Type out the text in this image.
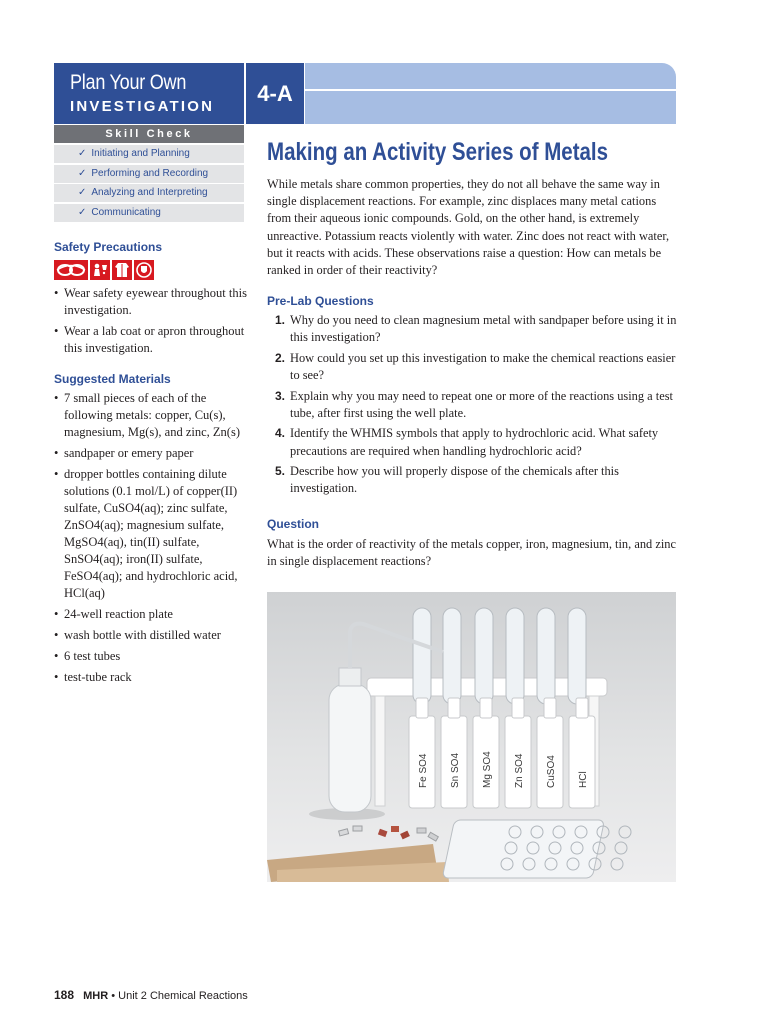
Plan Your Own
INVESTIGATION
4-A
Skill Check
✓ Initiating and Planning
✓ Performing and Recording
✓ Analyzing and Interpreting
✓ Communicating
Safety Precautions
• Wear safety eyewear throughout this investigation.
• Wear a lab coat or apron throughout this investigation.
Suggested Materials
• 7 small pieces of each of the following metals: copper, Cu(s), magnesium, Mg(s), and zinc, Zn(s)
• sandpaper or emery paper
• dropper bottles containing dilute solutions (0.1 mol/L) of copper(II) sulfate, CuSO4(aq); zinc sulfate, ZnSO4(aq); magnesium sulfate, MgSO4(aq), tin(II) sulfate, SnSO4(aq); iron(II) sulfate, FeSO4(aq); and hydrochloric acid, HCl(aq)
• 24-well reaction plate
• wash bottle with distilled water
• 6 test tubes
• test-tube rack
Making an Activity Series of Metals

While metals share common properties, they do not all behave the same way in single displacement reactions. For example, zinc displaces many metal cations from their aqueous ionic compounds. Gold, on the other hand, is extremely unreactive. Potassium reacts violently with water. Zinc does not react with water, but it reacts with acids. These observations raise a question: How can metals be ranked in order of their reactivity?

Pre-Lab Questions
1. Why do you need to clean magnesium metal with sandpaper before using it in this investigation?
2. How could you set up this investigation to make the chemical reactions easier to see?
3. Explain why you may need to repeat one or more of the reactions using a test tube, after first using the well plate.
4. Identify the WHMIS symbols that apply to hydrochloric acid. What safety precautions are required when handling hydrochloric acid?
5. Describe how you will properly dispose of the chemicals after this investigation.
Question

What is the order of reactivity of the metals copper, iron, magnesium, tin, and zinc in single displacement reactions?

Fe SO4 Sn SO4 Mg SO4 Zn SO4 CuSO4 HCl
188 MHR • Unit 2 Chemical Reactions
